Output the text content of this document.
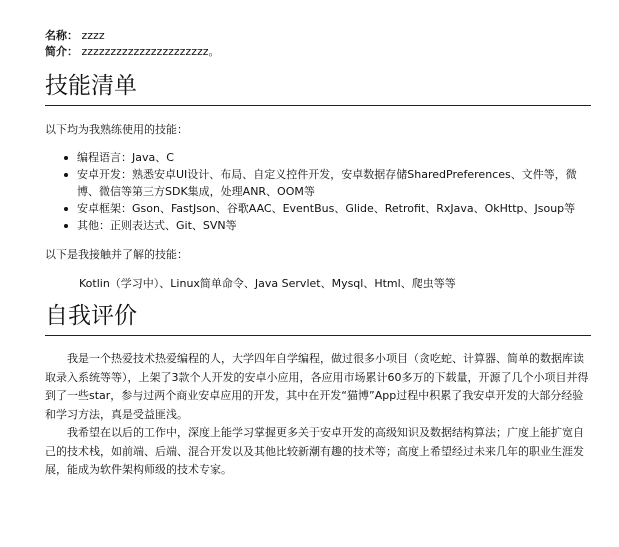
名称： zzzz
简介： zzzzzzzzzzzzzzzzzzzzzz。
技能清单

以下均为我熟练使用的技能：

编程语言：Java、C
安卓开发：熟悉安卓UI设计、布局、自定义控件开发，安卓数据存储SharedPreferences、文件等，微博、微信等第三方SDK集成，处理ANR、OOM等
安卓框架：Gson、FastJson、谷歌AAC、EventBus、Glide、Retrofit、RxJava、OkHttp、Jsoup等
其他：正则表达式、Git、SVN等

以下是我接触并了解的技能：

Kotlin（学习中）、Linux简单命令、Java Servlet、Mysql、Html、爬虫等等

自我评价

我是一个热爱技术热爱编程的人，大学四年自学编程，做过很多小项目（贪吃蛇、计算器、简单的数据库读取录入系统等等），上架了3款个人开发的安卓小应用，各应用市场累计60多万的下载量，开源了几个小项目并得到了一些star，参与过两个商业安卓应用的开发，其中在开发“猫博”App过程中积累了我安卓开发的大部分经验和学习方法，真是受益匪浅。

我希望在以后的工作中，深度上能学习掌握更多关于安卓开发的高级知识及数据结构算法；广度上能扩宽自己的技术栈，如前端、后端、混合开发以及其他比较新潮有趣的技术等；高度上希望经过未来几年的职业生涯发展，能成为软件架构师级的技术专家。
